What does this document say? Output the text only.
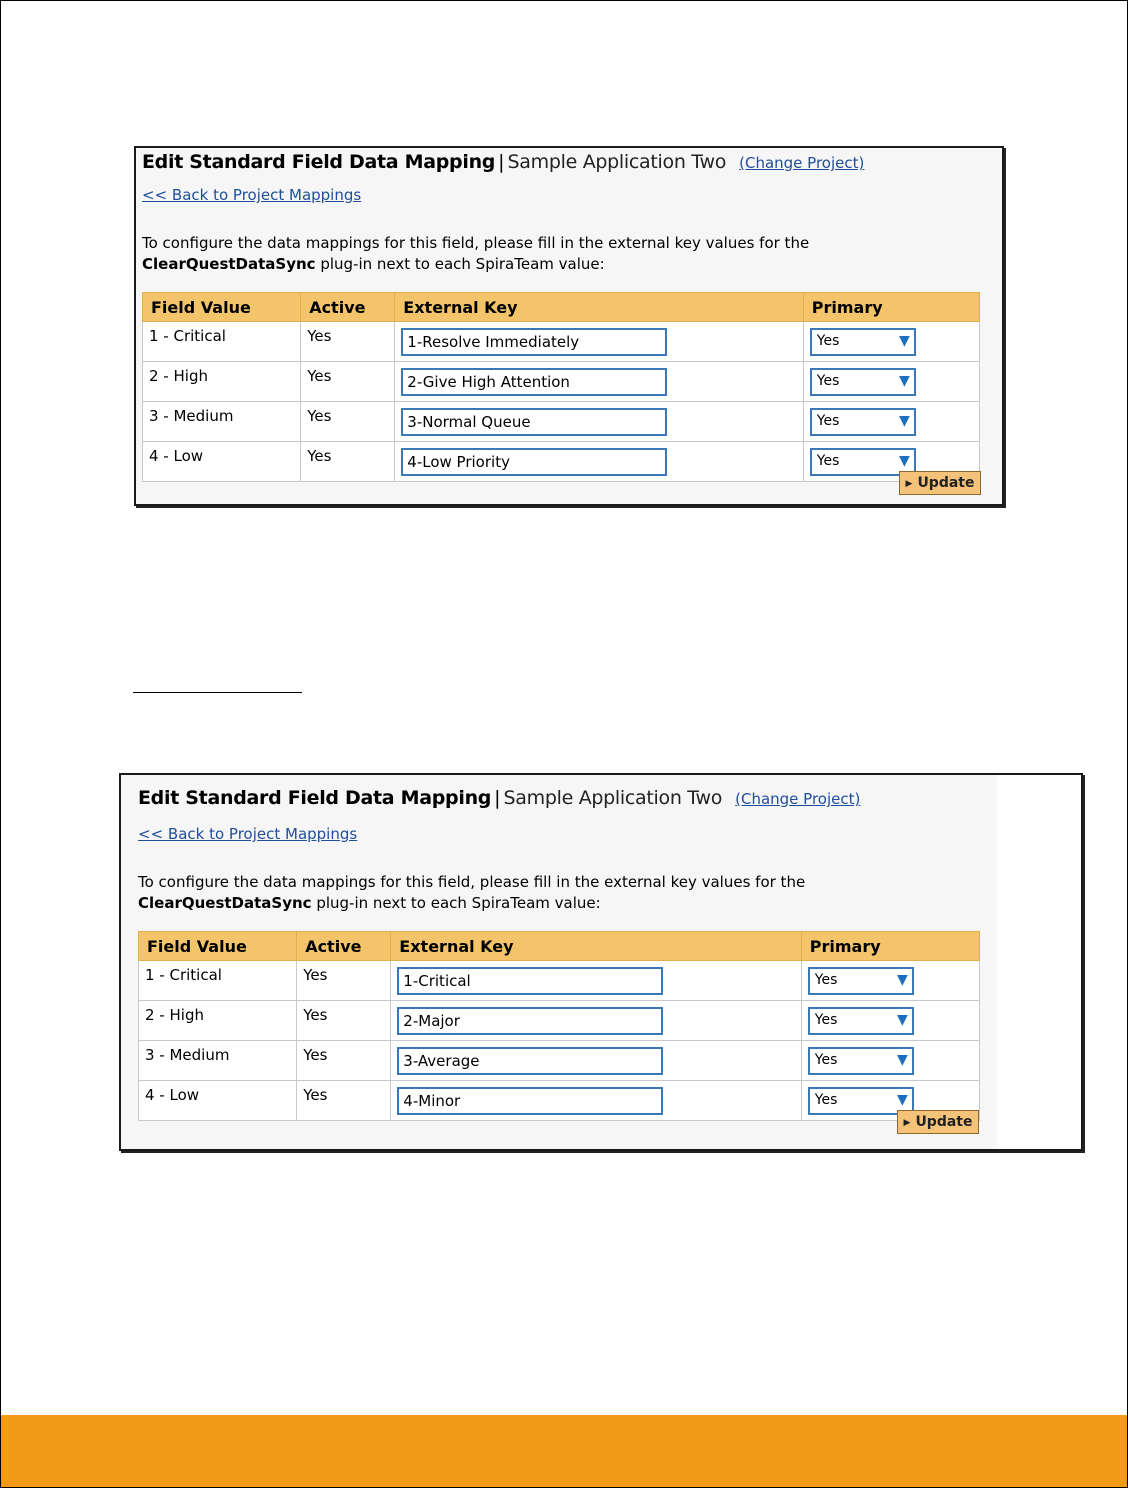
Edit Standard Field Data Mapping | Sample Application Two (Change Project)
<< Back to Project Mappings
To configure the data mappings for this field, please fill in the external key values for the ClearQuestDataSync plug-in next to each SpiraTeam value:
Field Value	Active	External Key	Primary
1 - Critical	Yes	1-Resolve Immediately	Yes ▼

2 - High	Yes	2-Give High Attention	Yes ▼

3 - Medium	Yes	3-Normal Queue	Yes ▼

4 - Low	Yes	4-Low Priority	Yes ▼
▶ Update
Edit Standard Field Data Mapping | Sample Application Two (Change Project)
<< Back to Project Mappings
To configure the data mappings for this field, please fill in the external key values for the ClearQuestDataSync plug-in next to each SpiraTeam value:
Field Value	Active	External Key	Primary
1 - Critical	Yes	1-Critical	Yes ▼

2 - High	Yes	2-Major	Yes ▼

3 - Medium	Yes	3-Average	Yes ▼

4 - Low	Yes	4-Minor	Yes ▼
▶ Update
